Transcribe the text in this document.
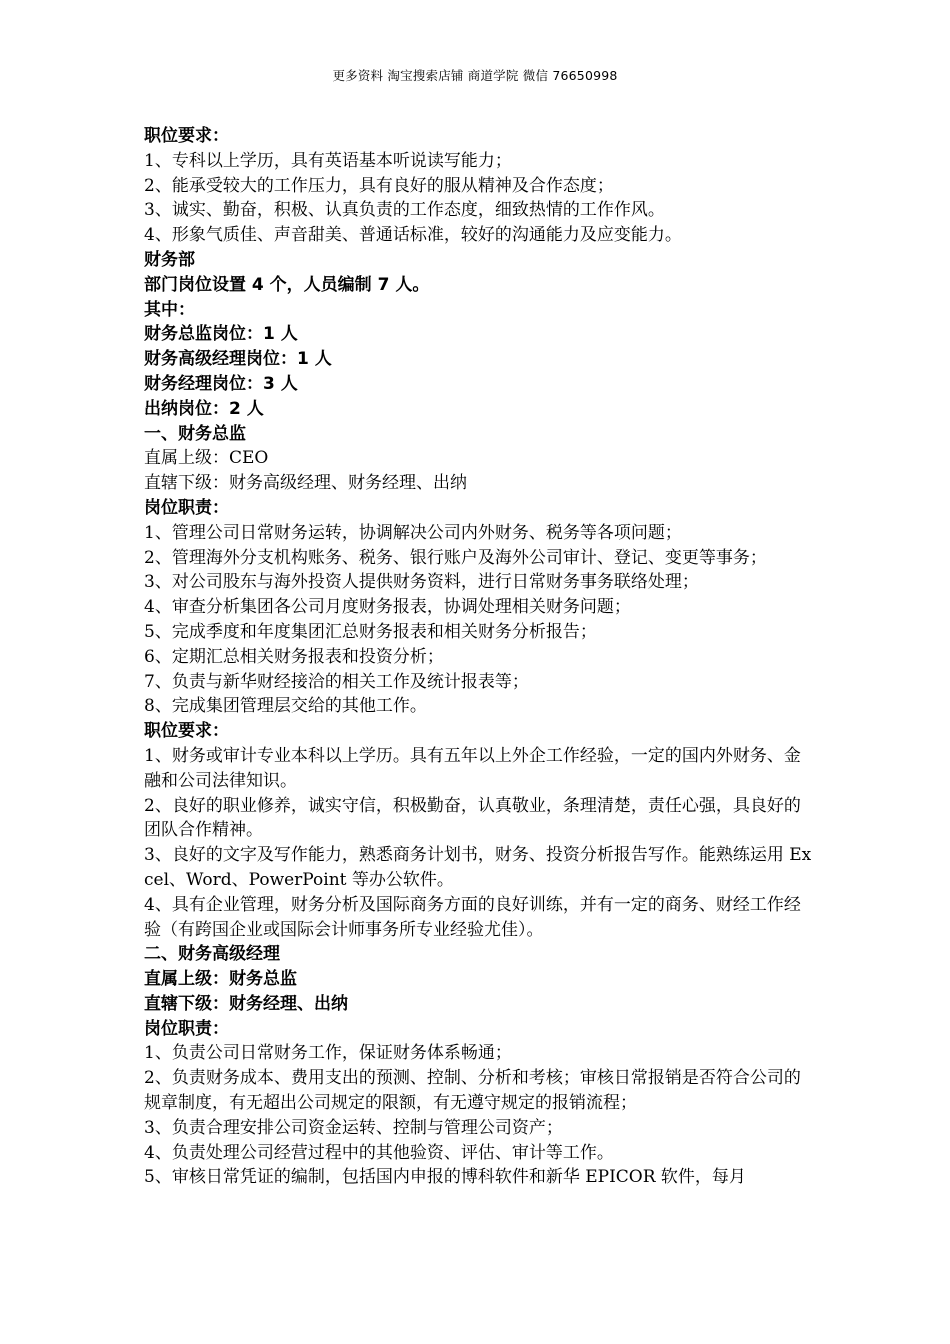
更多资料 淘宝搜索店铺 商道学院 微信 76650998

职位要求：

1、专科以上学历，具有英语基本听说读写能力；

2、能承受较大的工作压力，具有良好的服从精神及合作态度；

3、诚实、勤奋，积极、认真负责的工作态度，细致热情的工作作风。

4、形象气质佳、声音甜美、普通话标准，较好的沟通能力及应变能力。

财务部

部门岗位设置 4 个，人员编制 7 人。

其中：

财务总监岗位：1 人

财务高级经理岗位：1 人

财务经理岗位：3 人

出纳岗位：2 人

一、财务总监

直属上级：CEO

直辖下级：财务高级经理、财务经理、出纳

岗位职责：

1、管理公司日常财务运转，协调解决公司内外财务、税务等各项问题；

2、管理海外分支机构账务、税务、银行账户及海外公司审计、登记、变更等事务；

3、对公司股东与海外投资人提供财务资料，进行日常财务事务联络处理；

4、审查分析集团各公司月度财务报表，协调处理相关财务问题；

5、完成季度和年度集团汇总财务报表和相关财务分析报告；

6、定期汇总相关财务报表和投资分析；

7、负责与新华财经接洽的相关工作及统计报表等；

8、完成集团管理层交给的其他工作。

职位要求：

1、财务或审计专业本科以上学历。具有五年以上外企工作经验，一定的国内外财务、金融和公司法律知识。

2、良好的职业修养，诚实守信，积极勤奋，认真敬业，条理清楚，责任心强，具良好的团队合作精神。

3、良好的文字及写作能力，熟悉商务计划书，财务、投资分析报告写作。能熟练运用 Excel、Word、PowerPoint 等办公软件。

4、具有企业管理，财务分析及国际商务方面的良好训练，并有一定的商务、财经工作经验（有跨国企业或国际会计师事务所专业经验尤佳）。

二、财务高级经理

直属上级：财务总监

直辖下级：财务经理、出纳

岗位职责：

1、负责公司日常财务工作，保证财务体系畅通；

2、负责财务成本、费用支出的预测、控制、分析和考核；审核日常报销是否符合公司的规章制度，有无超出公司规定的限额，有无遵守规定的报销流程；

3、负责合理安排公司资金运转、控制与管理公司资产；

4、负责处理公司经营过程中的其他验资、评估、审计等工作。

5、审核日常凭证的编制，包括国内申报的博科软件和新华 EPICOR 软件，每月
